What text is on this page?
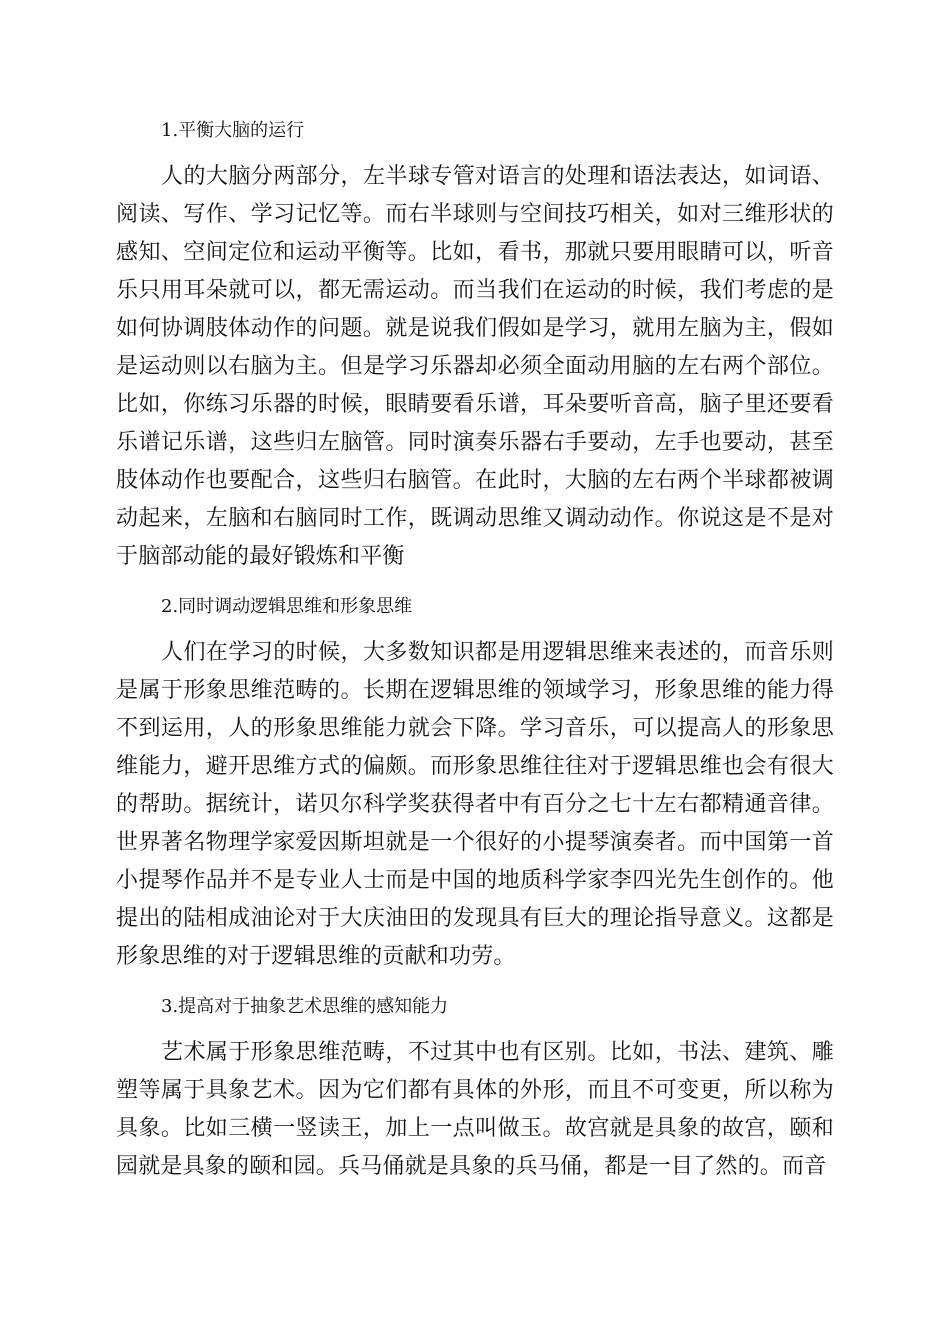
1.平衡大脑的运行

人的大脑分两部分，左半球专管对语言的处理和语法表达，如词语、阅读、写作、学习记忆等。而右半球则与空间技巧相关，如对三维形状的感知、空间定位和运动平衡等。比如，看书，那就只要用眼睛可以，听音乐只用耳朵就可以，都无需运动。而当我们在运动的时候，我们考虑的是如何协调肢体动作的问题。就是说我们假如是学习，就用左脑为主，假如是运动则以右脑为主。但是学习乐器却必须全面动用脑的左右两个部位。比如，你练习乐器的时候，眼睛要看乐谱，耳朵要听音高，脑子里还要看乐谱记乐谱，这些归左脑管。同时演奏乐器右手要动，左手也要动，甚至肢体动作也要配合，这些归右脑管。在此时，大脑的左右两个半球都被调动起来，左脑和右脑同时工作，既调动思维又调动动作。你说这是不是对于脑部动能的最好锻炼和平衡

2.同时调动逻辑思维和形象思维

人们在学习的时候，大多数知识都是用逻辑思维来表述的，而音乐则是属于形象思维范畴的。长期在逻辑思维的领域学习，形象思维的能力得不到运用，人的形象思维能力就会下降。学习音乐，可以提高人的形象思维能力，避开思维方式的偏颇。而形象思维往往对于逻辑思维也会有很大的帮助。据统计，诺贝尔科学奖获得者中有百分之七十左右都精通音律。世界著名物理学家爱因斯坦就是一个很好的小提琴演奏者。而中国第一首小提琴作品并不是专业人士而是中国的地质科学家李四光先生创作的。他提出的陆相成油论对于大庆油田的发现具有巨大的理论指导意义。这都是形象思维的对于逻辑思维的贡献和功劳。

3.提高对于抽象艺术思维的感知能力

艺术属于形象思维范畴，不过其中也有区别。比如，书法、建筑、雕塑等属于具象艺术。因为它们都有具体的外形，而且不可变更，所以称为具象。比如三横一竖读王，加上一点叫做玉。故宫就是具象的故宫，颐和园就是具象的颐和园。兵马俑就是具象的兵马俑，都是一目了然的。而音
